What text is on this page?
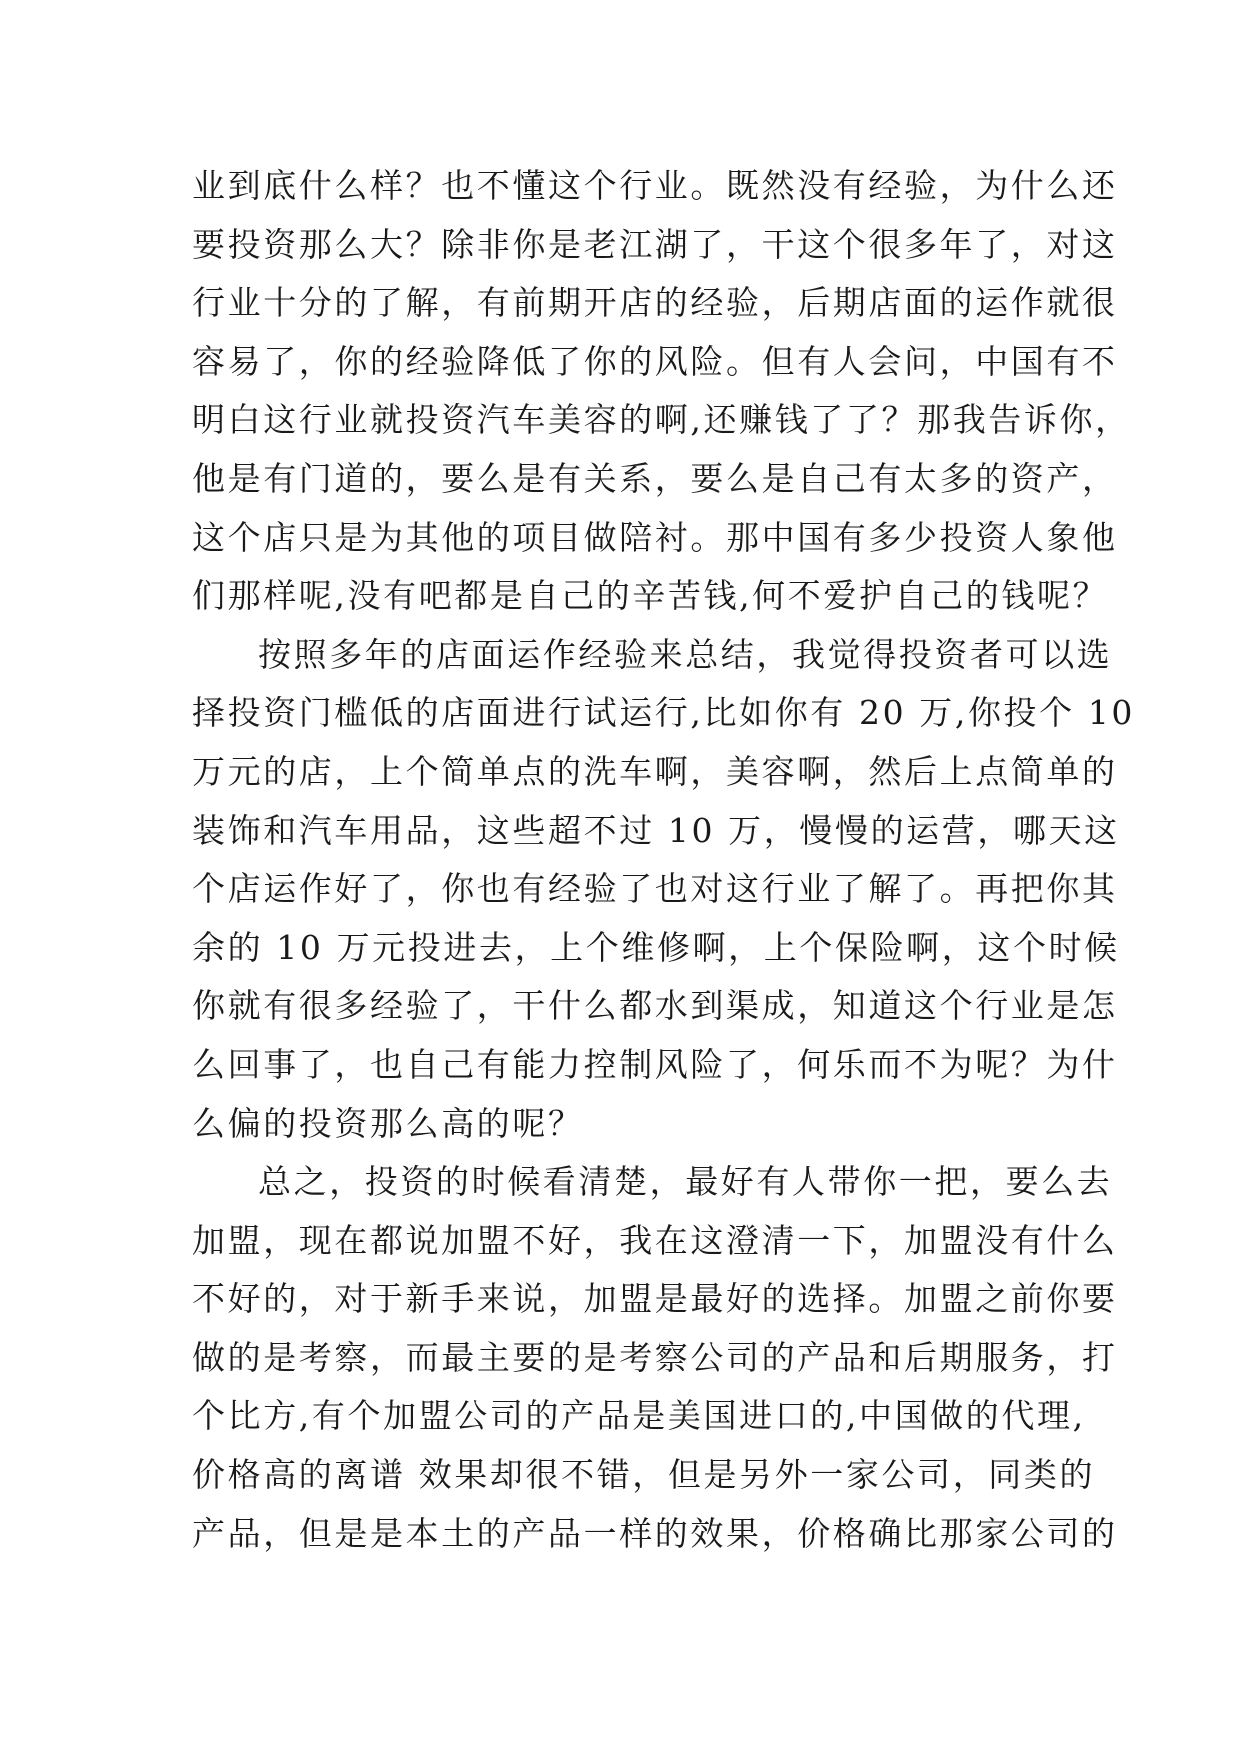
业到底什么样？也不懂这个行业。既然没有经验，为什么还
要投资那么大？除非你是老江湖了，干这个很多年了，对这
行业十分的了解，有前期开店的经验，后期店面的运作就很
容易了，你的经验降低了你的风险。但有人会问，中国有不
明白这行业就投资汽车美容的啊,还赚钱了了？那我告诉你，
他是有门道的，要么是有关系，要么是自己有太多的资产，
这个店只是为其他的项目做陪衬。那中国有多少投资人象他
们那样呢,没有吧都是自己的辛苦钱,何不爱护自己的钱呢？
按照多年的店面运作经验来总结，我觉得投资者可以选
择投资门槛低的店面进行试运行,比如你有 20 万,你投个 10
万元的店，上个简单点的洗车啊，美容啊，然后上点简单的
装饰和汽车用品，这些超不过 10 万，慢慢的运营，哪天这
个店运作好了，你也有经验了也对这行业了解了。再把你其
余的 10 万元投进去，上个维修啊，上个保险啊，这个时候
你就有很多经验了，干什么都水到渠成，知道这个行业是怎
么回事了，也自己有能力控制风险了，何乐而不为呢？为什
么偏的投资那么高的呢？
总之，投资的时候看清楚，最好有人带你一把，要么去
加盟，现在都说加盟不好，我在这澄清一下，加盟没有什么
不好的，对于新手来说，加盟是最好的选择。加盟之前你要
做的是考察，而最主要的是考察公司的产品和后期服务，打
个比方,有个加盟公司的产品是美国进口的,中国做的代理,
价格高的离谱 效果却很不错，但是另外一家公司，同类的
产品，但是是本土的产品一样的效果，价格确比那家公司的
